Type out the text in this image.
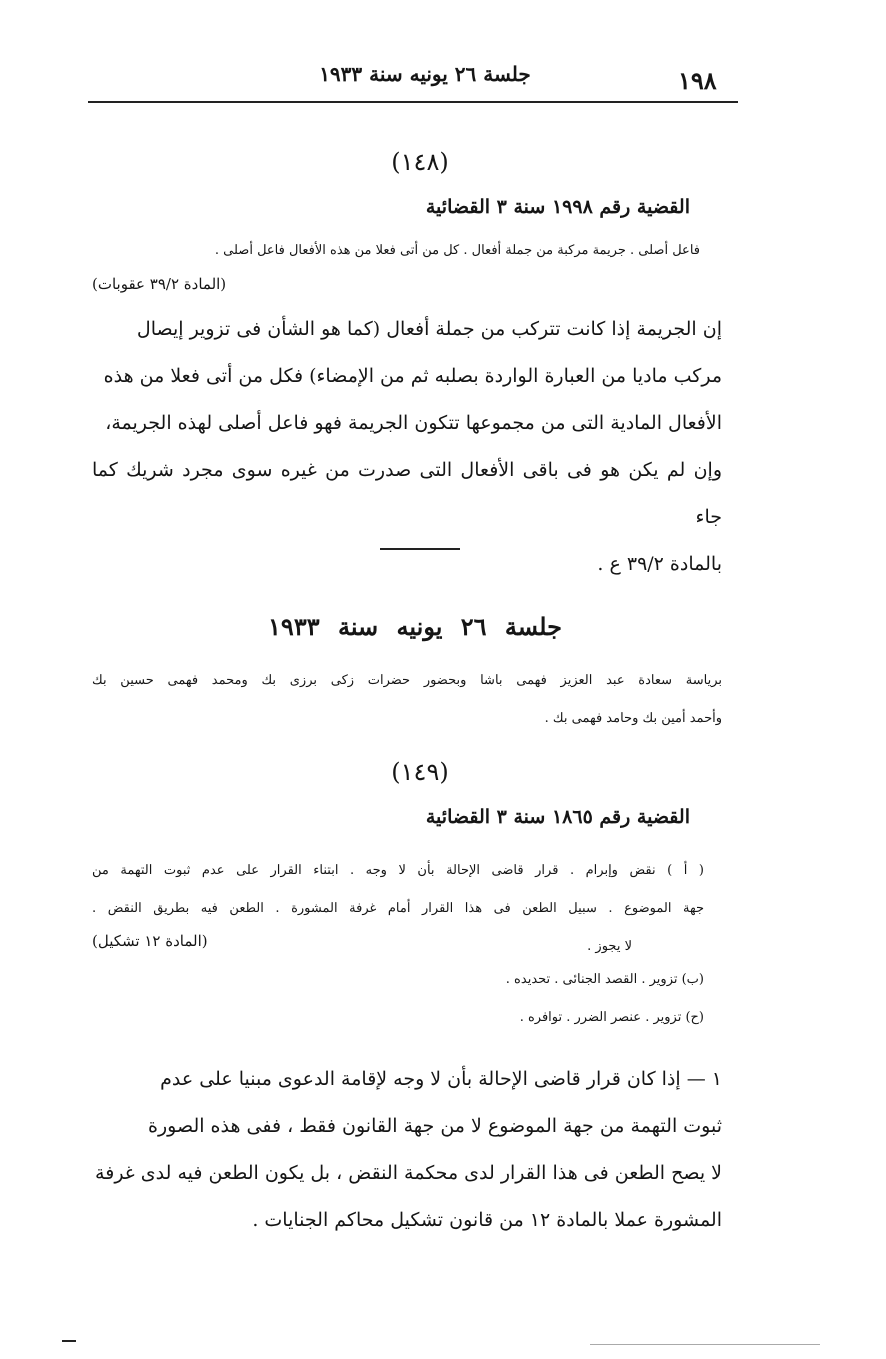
١٩٨
جلسة ٢٦ يونيه سنة ١٩٣٣
(١٤٨)
القضية رقم ١٩٩٨ سنة ٣ القضائية
فاعل أصلى . جريمة مركبة من جملة أفعال . كل من أتى فعلا من هذه الأفعال فاعل أصلى .
(المادة ٣٩/٢ عقوبات)
إن الجريمة إذا كانت تتركب من جملة أفعال (كما هو الشأن فى تزوير إيصال
مركب ماديا من العبارة الواردة بصلبه ثم من الإمضاء) فكل من أتى فعلا من هذه
الأفعال المادية التى من مجموعها تتكون الجريمة فهو فاعل أصلى لهذه الجريمة،
وإن لم يكن هو فى باقى الأفعال التى صدرت من غيره سوى مجرد شريك كما جاء
بالمادة ٣٩/٢ ع .
جلسة ٢٦ يونيه سنة ١٩٣٣
برياسة سعادة عبد العزيز فهمى باشا وبحضور حضرات زكى برزى بك ومحمد فهمى حسين بك
وأحمد أمين بك وحامد فهمى بك .
(١٤٩)
القضية رقم ١٨٦٥ سنة ٣ القضائية
( أ ) نقض وإبرام . قرار قاضى الإحالة بأن لا وجه . ابتناء القرار على عدم ثبوت التهمة من
جهة الموضوع . سبيل الطعن فى هذا القرار أمام غرفة المشورة . الطعن فيه بطريق النقض .
لا يجوز .
(المادة ١٢ تشكيل)
(ب) تزوير . القصد الجنائى . تحديده .
(ح) تزوير . عنصر الضرر . توافره .
١ — إذا كان قرار قاضى الإحالة بأن لا وجه لإقامة الدعوى مبنيا على عدم
ثبوت التهمة من جهة الموضوع لا من جهة القانون فقط ، ففى هذه الصورة
لا يصح الطعن فى هذا القرار لدى محكمة النقض ، بل يكون الطعن فيه لدى غرفة
المشورة عملا بالمادة ١٢ من قانون تشكيل محاكم الجنايات .
